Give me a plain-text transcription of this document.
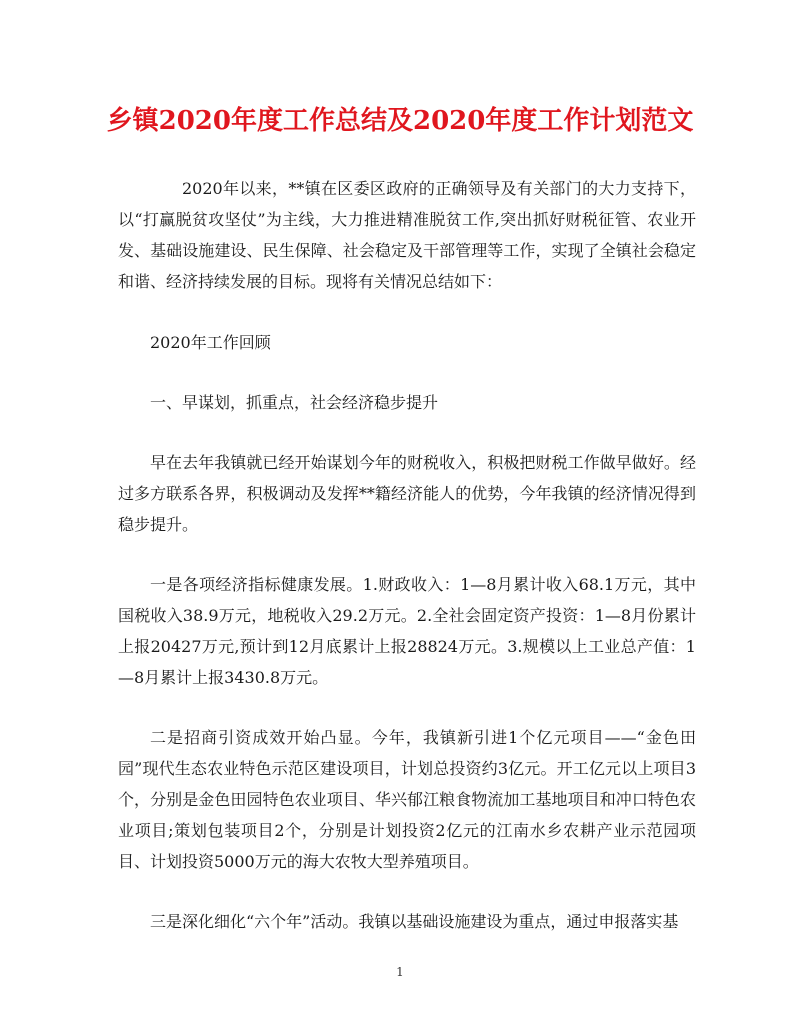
乡镇2020年度工作总结及2020年度工作计划范文

2020年以来，**镇在区委区政府的正确领导及有关部门的大力支持下，以“打赢脱贫攻坚仗”为主线，大力推进精准脱贫工作,突出抓好财税征管、农业开发、基础设施建设、民生保障、社会稳定及干部管理等工作，实现了全镇社会稳定和谐、经济持续发展的目标。现将有关情况总结如下：

2020年工作回顾

一、早谋划，抓重点，社会经济稳步提升

早在去年我镇就已经开始谋划今年的财税收入，积极把财税工作做早做好。经过多方联系各界，积极调动及发挥**籍经济能人的优势，今年我镇的经济情况得到稳步提升。

一是各项经济指标健康发展。1.财政收入：1—8月累计收入68.1万元，其中国税收入38.9万元，地税收入29.2万元。2.全社会固定资产投资：1—8月份累计上报20427万元,预计到12月底累计上报28824万元。3.规模以上工业总产值：1—8月累计上报3430.8万元。

二是招商引资成效开始凸显。今年，我镇新引进1个亿元项目——“金色田园”现代生态农业特色示范区建设项目，计划总投资约3亿元。开工亿元以上项目3个，分别是金色田园特色农业项目、华兴郁江粮食物流加工基地项目和冲口特色农业项目;策划包装项目2个，分别是计划投资2亿元的江南水乡农耕产业示范园项目、计划投资5000万元的海大农牧大型养殖项目。

三是深化细化“六个年”活动。我镇以基础设施建设为重点，通过申报落实基

1
